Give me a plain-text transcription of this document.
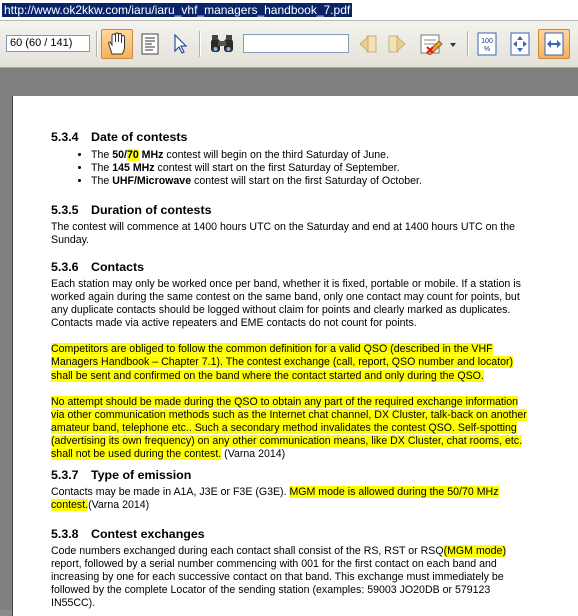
http://www.ok2kkw.com/iaru/iaru_vhf_managers_handbook_7.pdf
60 (60 / 141)	100
%
5.3.4 Date of contests
• The 50/70 MHz contest will begin on the third Saturday of June.
• The 145 MHz contest will start on the first Saturday of September.
• The UHF/Microwave contest will start on the first Saturday of October.
5.3.5 Duration of contests

The contest will commence at 1400 hours UTC on the Saturday and end at 1400 hours UTC on the
Sunday.

5.3.6 Contacts

Each station may only be worked once per band, whether it is fixed, portable or mobile. If a station is
worked again during the same contest on the same band, only one contact may count for points, but
any duplicate contacts should be logged without claim for points and clearly marked as duplicates.
Contacts made via active repeaters and EME contacts do not count for points.

Competitors are obliged to follow the common definition for a valid QSO (described in the VHF
Managers Handbook – Chapter 7.1). The contest exchange (call, report, QSO number and locator)
shall be sent and confirmed on the band where the contact started and only during the QSO.

No attempt should be made during the QSO to obtain any part of the required exchange information
via other communication methods such as the Internet chat channel, DX Cluster, talk-back on another
amateur band, telephone etc.. Such a secondary method invalidates the contest QSO. Self-spotting
(advertising its own frequency) on any other communication means, like DX Cluster, chat rooms, etc.
shall not be used during the contest. (Varna 2014)

5.3.7 Type of emission

Contacts may be made in A1A, J3E or F3E (G3E). MGM mode is allowed during the 50/70 MHz
contest.(Varna 2014)

5.3.8 Contest exchanges

Code numbers exchanged during each contact shall consist of the RS, RST or RSQ(MGM mode)
report, followed by a serial number commencing with 001 for the first contact on each band and
increasing by one for each successive contact on that band. This exchange must immediately be
followed by the complete Locator of the sending station (examples: 59003 JO20DB or 579123
IN55CC).
